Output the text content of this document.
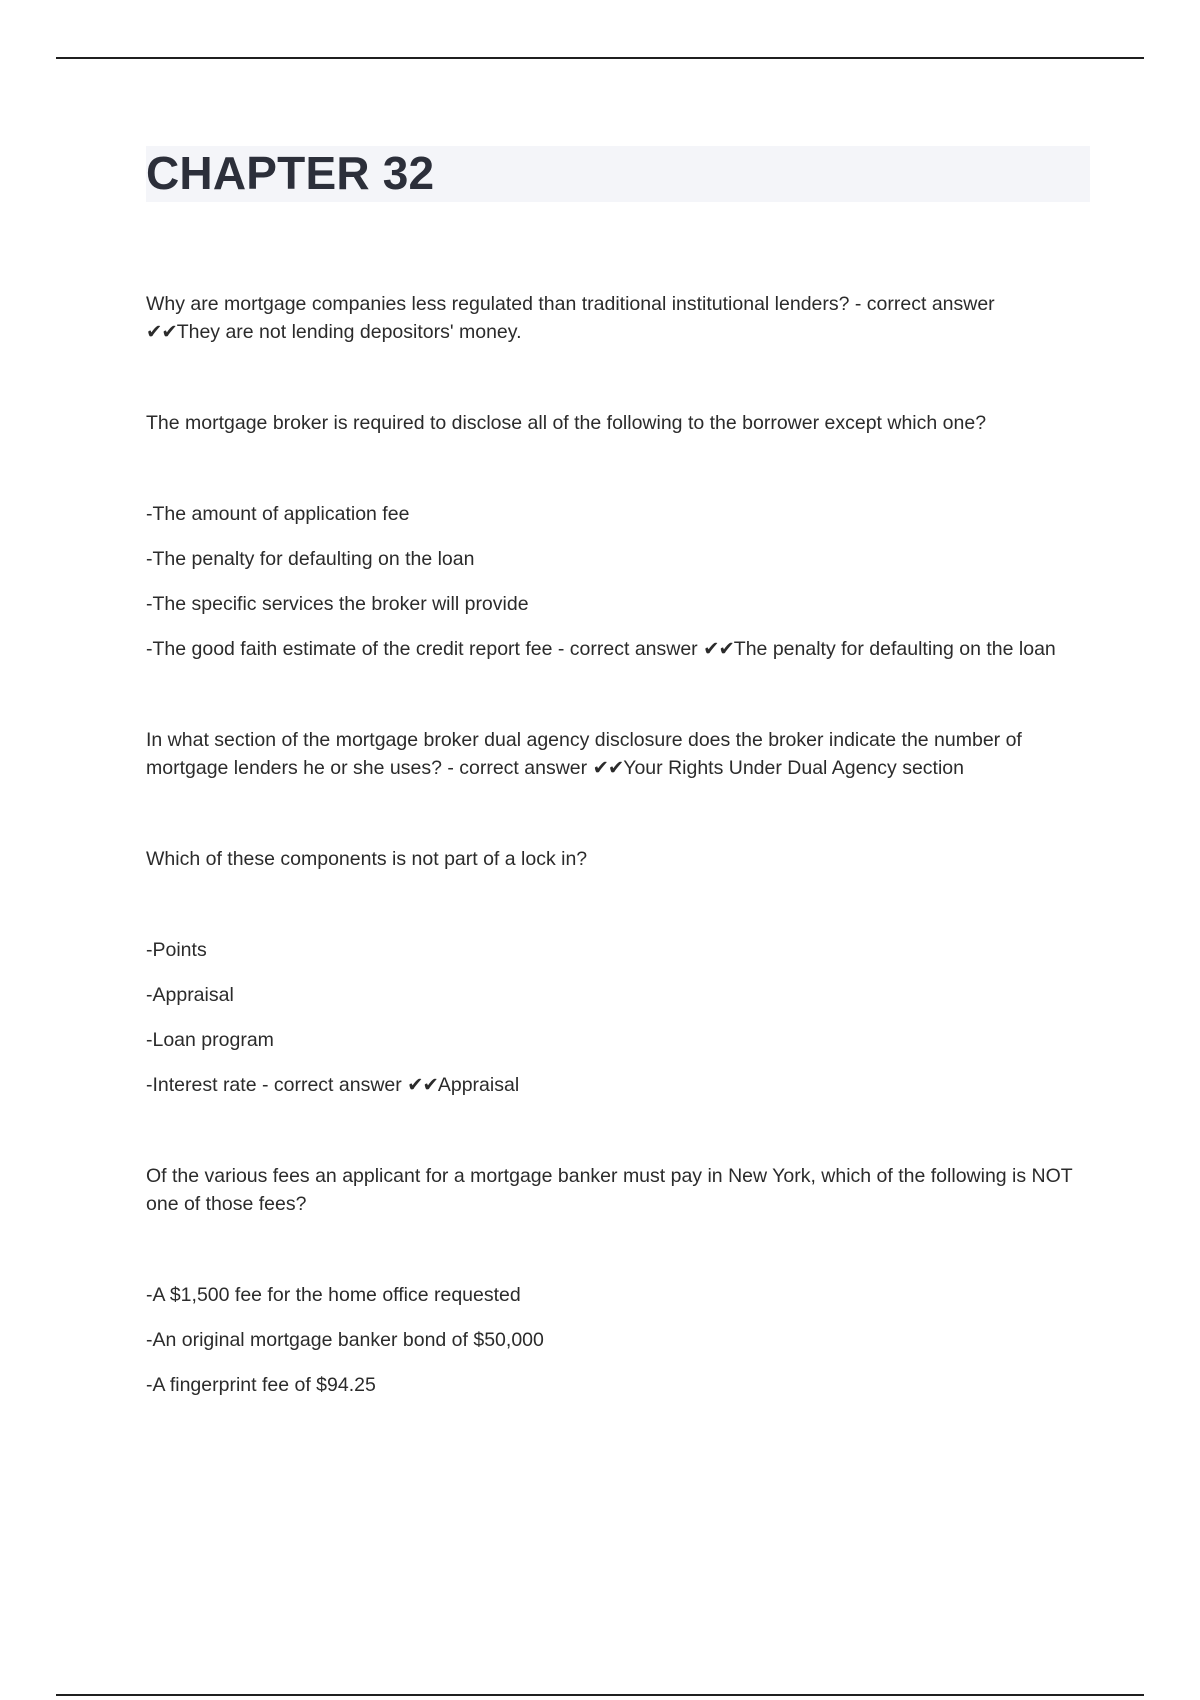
CHAPTER 32

Why are mortgage companies less regulated than traditional institutional lenders? - correct answer
✔✔They are not lending depositors' money.

The mortgage broker is required to disclose all of the following to the borrower except which one?

-The amount of application fee

-The penalty for defaulting on the loan

-The specific services the broker will provide

-The good faith estimate of the credit report fee - correct answer ✔✔The penalty for defaulting on the loan

In what section of the mortgage broker dual agency disclosure does the broker indicate the number of mortgage lenders he or she uses? - correct answer ✔✔Your Rights Under Dual Agency section

Which of these components is not part of a lock in?

-Points

-Appraisal

-Loan program

-Interest rate - correct answer ✔✔Appraisal

Of the various fees an applicant for a mortgage banker must pay in New York, which of the following is NOT one of those fees?

-A $1,500 fee for the home office requested

-An original mortgage banker bond of $50,000

-A fingerprint fee of $94.25
